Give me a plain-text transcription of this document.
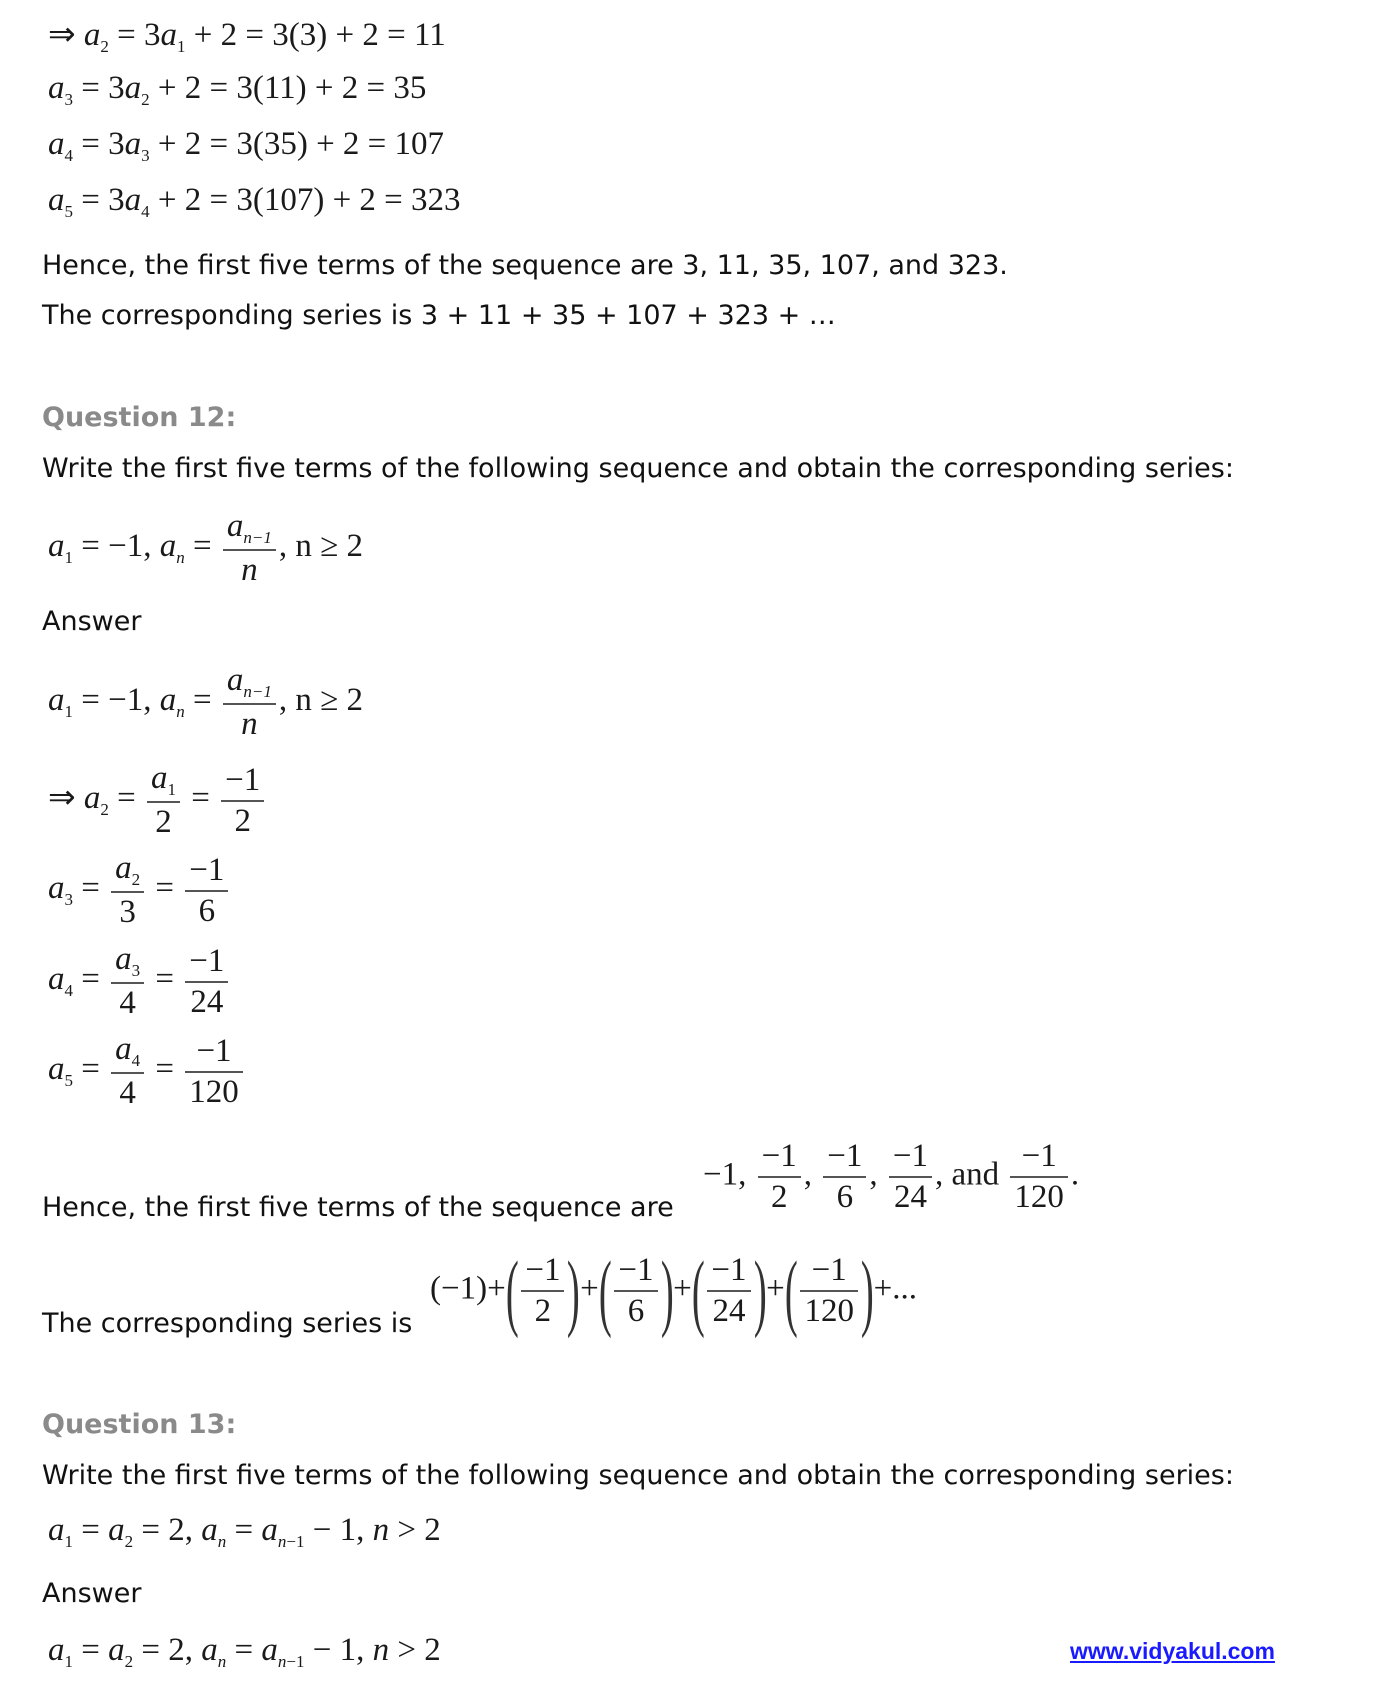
⇒ $a_2 = 3a_1 + 2 = 3(3) + 2 = 11$
$a_3 = 3a_2 + 2 = 3(11) + 2 = 35$
$a_4 = 3a_3 + 2 = 3(35) + 2 = 107$
$a_5 = 3a_4 + 2 = 3(107) + 2 = 323$
Hence, the first five terms of the sequence are 3, 11, 35, 107, and 323.
The corresponding series is 3 + 11 + 35 + 107 + 323 + …
Question 12:
Write the first five terms of the following sequence and obtain the corresponding series:
$a_1 = -1$, $a_n = \frac{a_{n-1}}{n}$ , n ≥ 2
Answer
$a_1 = -1$, $a_n = \frac{a_{n-1}}{n}$ , n ≥ 2
⇒ $a_2 = \frac{a_1}{2} = \frac{-1}{2}$
$a_3 = \frac{a_2}{3} = \frac{-1}{6}$
$a_4 = \frac{a_3}{4} = \frac{-1}{24}$
$a_5 = \frac{a_4}{4} = \frac{-1}{120}$
Hence, the first five terms of the sequence are
−1, $\frac{-1}{2}$ , $\frac{-1}{6}$ , $\frac{-1}{24}$ , and $\frac{-1}{120}$ .
The corresponding series is
$(-1)+( \frac{-1}{2}$ )+( $\frac{-1}{6}$ )+( $\frac{-1}{24}$ )+( $\frac{-1}{120}$ )+...
Question 13:
Write the first five terms of the following sequence and obtain the corresponding series:
$a_1 = a_2 = 2$, $a_n = a_{n-1} - 1$, n > 2
Answer
$a_1 = a_2 = 2$, $a_n = a_{n-1} - 1$, n > 2	www.vidyakul.com
